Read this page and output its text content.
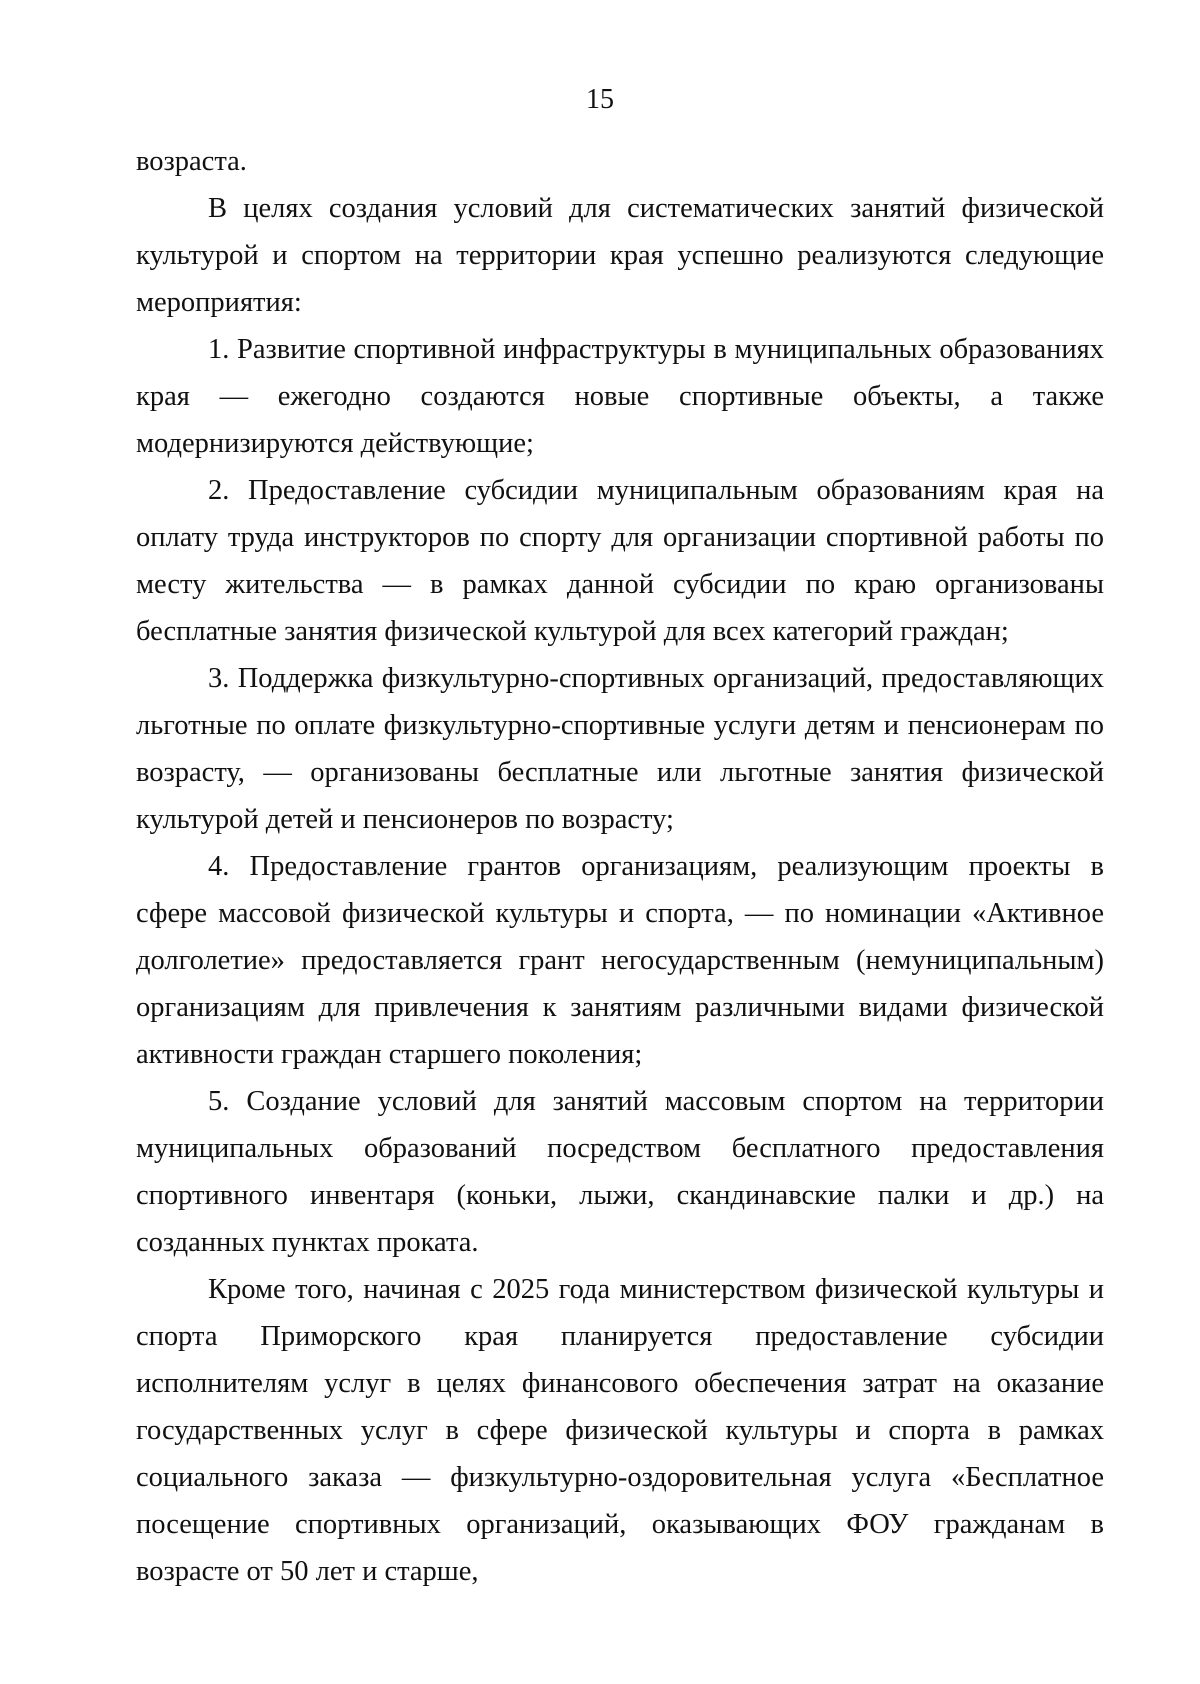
15

возраста.

В целях создания условий для систематических занятий физической культурой и спортом на территории края успешно реализуются следующие мероприятия:

1. Развитие спортивной инфраструктуры в муниципальных образованиях края — ежегодно создаются новые спортивные объекты, а также модернизируются действующие;

2. Предоставление субсидии муниципальным образованиям края на оплату труда инструкторов по спорту для организации спортивной работы по месту жительства — в рамках данной субсидии по краю организованы бесплатные занятия физической культурой для всех категорий граждан;

3. Поддержка физкультурно-спортивных организаций, предоставляющих льготные по оплате физкультурно-спортивные услуги детям и пенсионерам по возрасту, — организованы бесплатные или льготные занятия физической культурой детей и пенсионеров по возрасту;

4. Предоставление грантов организациям, реализующим проекты в сфере массовой физической культуры и спорта, — по номинации «Активное долголетие» предоставляется грант негосударственным (немуниципальным) организациям для привлечения к занятиям различными видами физической активности граждан старшего поколения;

5. Создание условий для занятий массовым спортом на территории муниципальных образований посредством бесплатного предоставления спортивного инвентаря (коньки, лыжи, скандинавские палки и др.) на созданных пунктах проката.

Кроме того, начиная с 2025 года министерством физической культуры и спорта Приморского края планируется предоставление субсидии исполнителям услуг в целях финансового обеспечения затрат на оказание государственных услуг в сфере физической культуры и спорта в рамках социального заказа — физкультурно-оздоровительная услуга «Бесплатное посещение спортивных организаций, оказывающих ФОУ гражданам в возрасте от 50 лет и старше,
